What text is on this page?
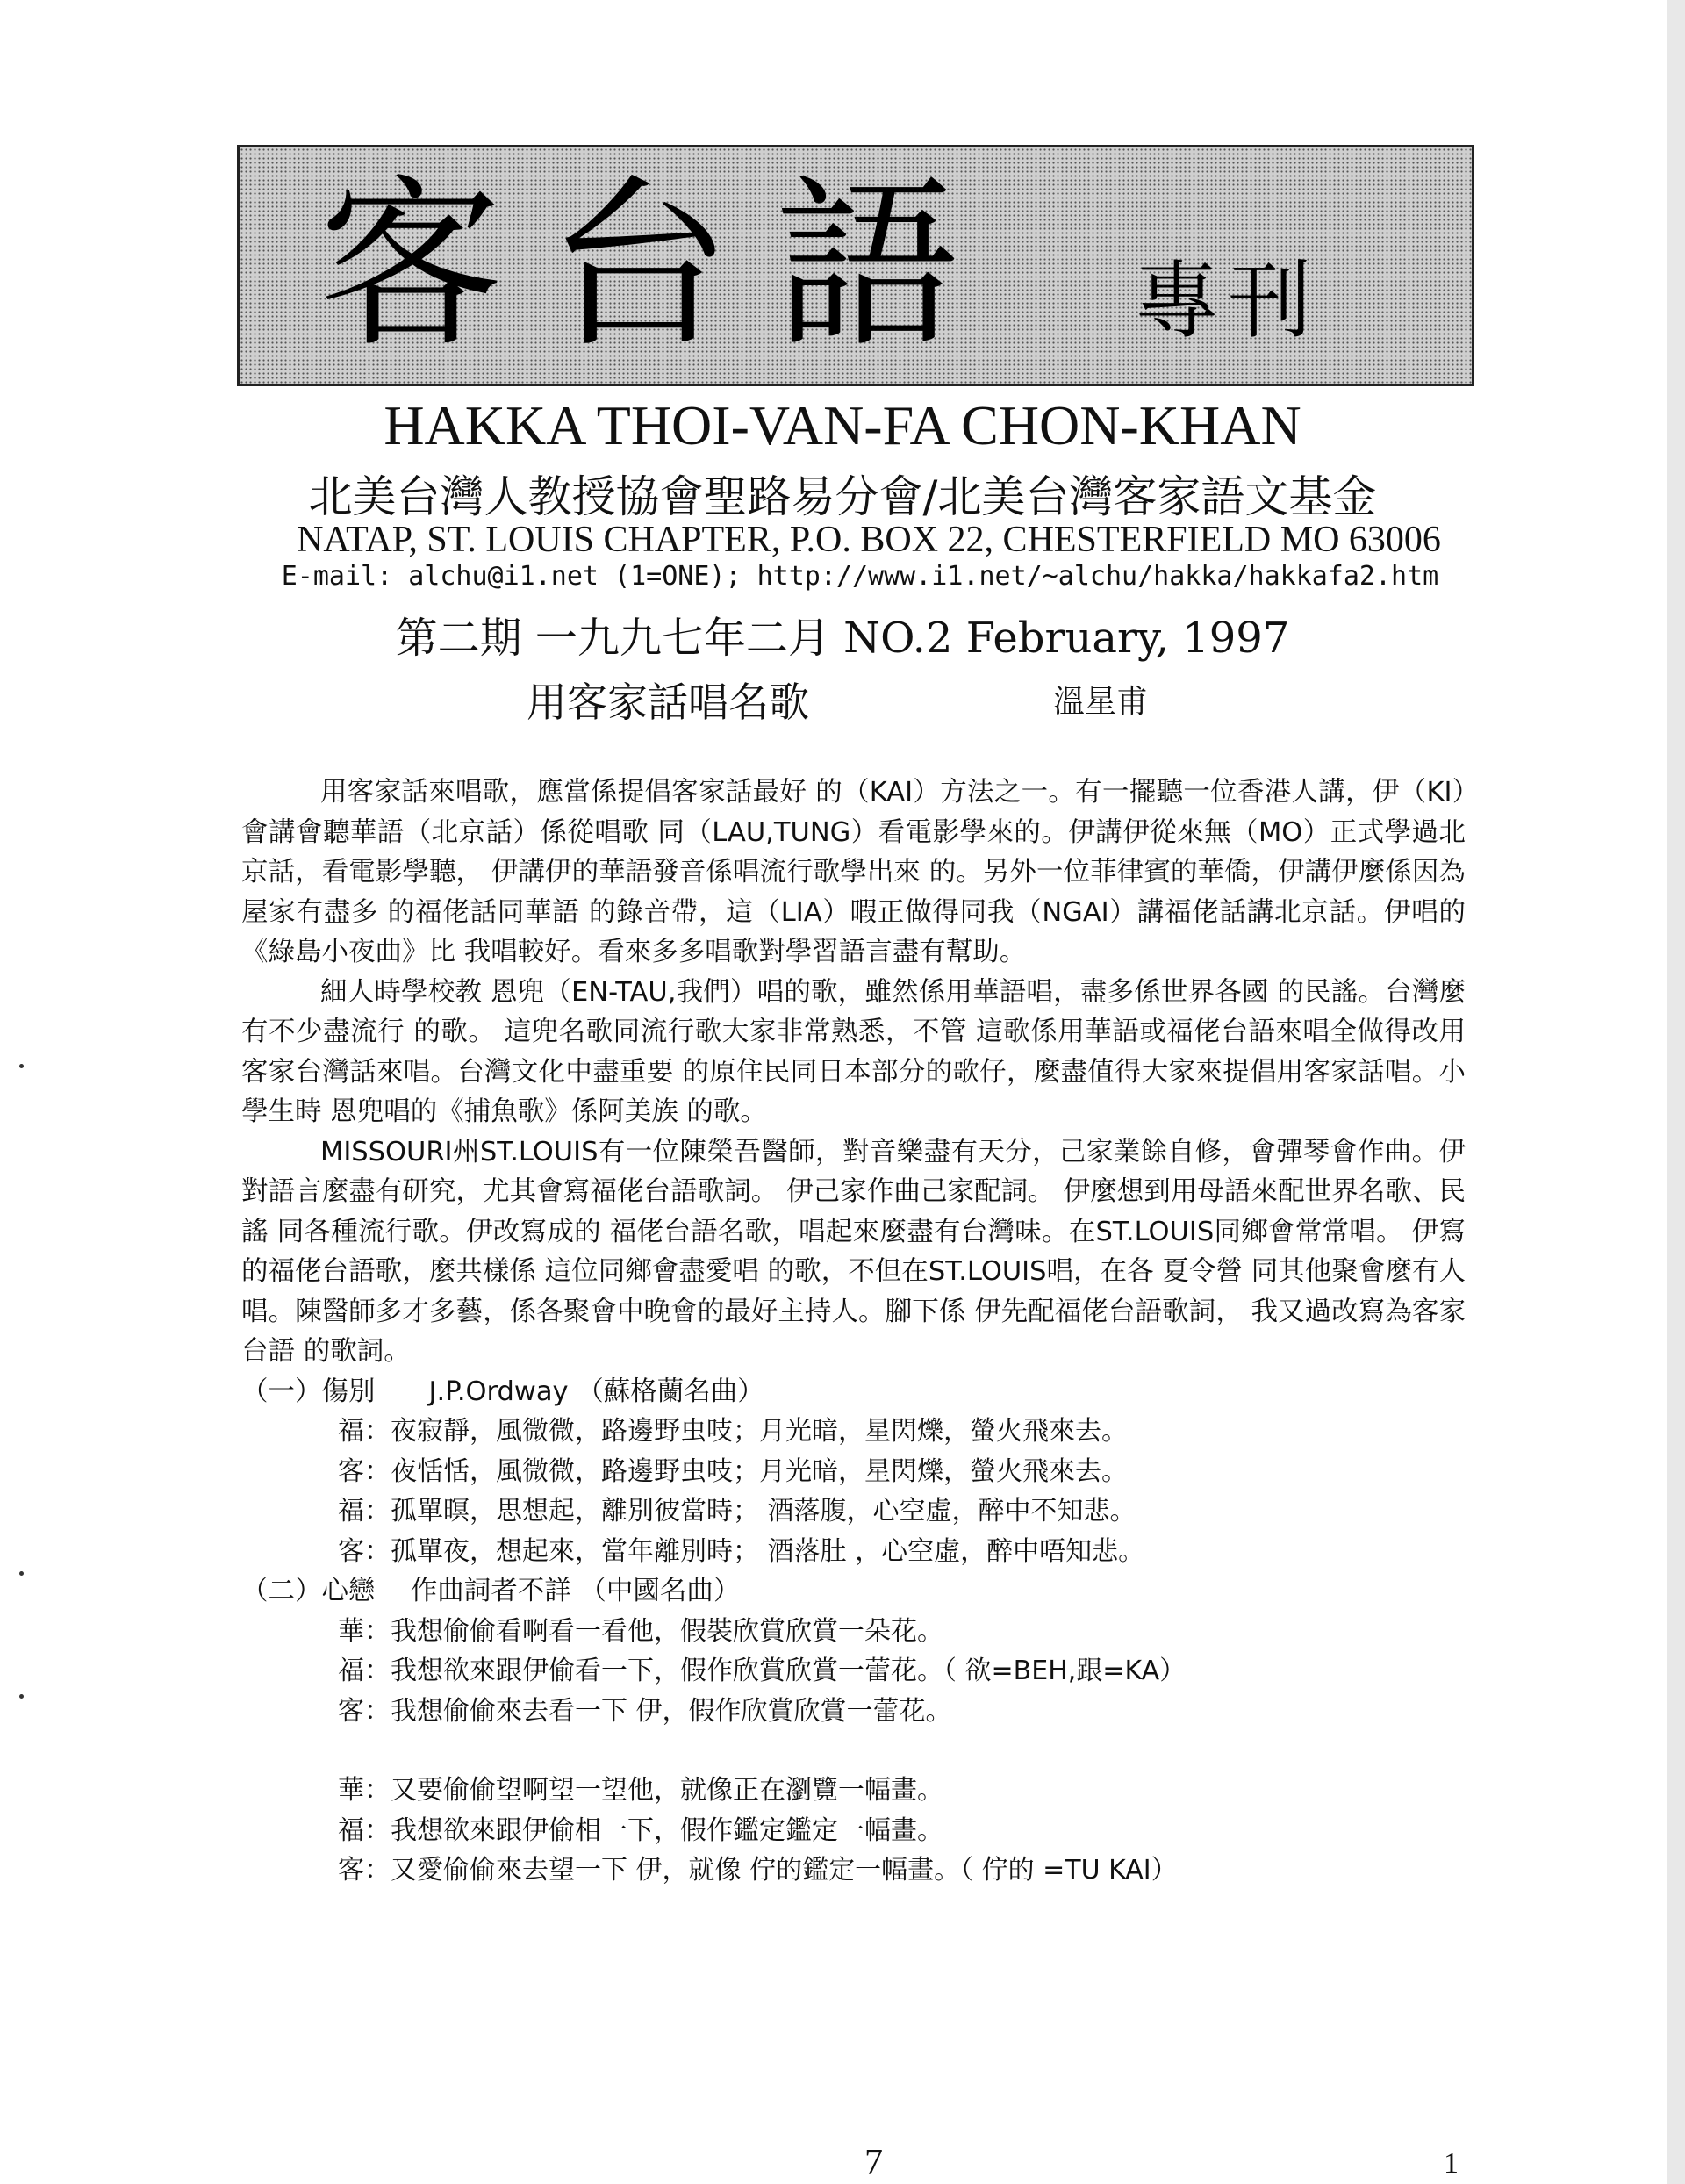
客台語 專刊
HAKKA THOI-VAN-FA CHON-KHAN
北美台灣人教授協會聖路易分會/北美台灣客家語文基金
NATAP, ST. LOUIS CHAPTER, P.O. BOX 22, CHESTERFIELD MO 63006
E-mail: alchu@i1.net (1=ONE); http://www.i1.net/~alchu/hakka/hakkafa2.htm
第二期 一九九七年二月 NO.2 February, 1997
用客家話唱名歌	溫星甫

用客家話來唱歌，應當係提倡客家話最好 的（KAI）方法之一。有一擺聽一位香港人講，伊（KI）會講會聽華語（北京話）係從唱歌 同（LAU,TUNG）看電影學來的。伊講伊從來無（MO）正式學過北京話，看電影學聽， 伊講伊的華語發音係唱流行歌學出來 的。另外一位菲律賓的華僑，伊講伊麼係因為屋家有盡多 的福佬話同華語 的錄音帶，這（LIA）暇正做得同我（NGAI）講福佬話講北京話。伊唱的《綠島小夜曲》比 我唱較好。看來多多唱歌對學習語言盡有幫助。

細人時學校教 恩兜（EN-TAU,我們）唱的歌，雖然係用華語唱，盡多係世界各國 的民謠。台灣麼有不少盡流行 的歌。 這兜名歌同流行歌大家非常熟悉，不管 這歌係用華語或福佬台語來唱全做得改用客家台灣話來唱。台灣文化中盡重要 的原住民同日本部分的歌仔，麼盡值得大家來提倡用客家話唱。小學生時 恩兜唱的《捕魚歌》係阿美族 的歌。

MISSOURI州ST.LOUIS有一位陳榮吾醫師，對音樂盡有天分，己家業餘自修，會彈琴會作曲。伊對語言麼盡有研究，尤其會寫福佬台語歌詞。 伊己家作曲己家配詞。 伊麼想到用母語來配世界名歌、民謠 同各種流行歌。伊改寫成的 福佬台語名歌，唱起來麼盡有台灣味。在ST.LOUIS同鄉會常常唱。 伊寫的福佬台語歌，麼共樣係 這位同鄉會盡愛唱 的歌，不但在ST.LOUIS唱，在各 夏令營 同其他聚會麼有人唱。陳醫師多才多藝，係各聚會中晚會的最好主持人。腳下係 伊先配福佬台語歌詞， 我又過改寫為客家台語 的歌詞。

（一）傷別　　J.P.Ordway （蘇格蘭名曲）

福：夜寂靜，風微微，路邊野虫吱；月光暗，星閃爍，螢火飛來去。

客：夜恬恬，風微微，路邊野虫吱；月光暗，星閃爍，螢火飛來去。

福：孤單暝，思想起，離別彼當時； 酒落腹，心空虛，醉中不知悲。

客：孤單夜，想起來，當年離別時； 酒落肚 ，心空虛，醉中唔知悲。

（二）心戀　 作曲詞者不詳 （中國名曲）

華：我想偷偷看啊看一看他，假裝欣賞欣賞一朵花。

福：我想欲來跟伊偷看一下，假作欣賞欣賞一蕾花。（ 欲=BEH,跟=KA）

客：我想偷偷來去看一下 伊，假作欣賞欣賞一蕾花。

華：又要偷偷望啊望一望他，就像正在瀏覽一幅畫。

福：我想欲來跟伊偷相一下，假作鑑定鑑定一幅畫。

客：又愛偷偷來去望一下 伊，就像 佇的鑑定一幅畫。（ 佇的 =TU KAI）

7	1
